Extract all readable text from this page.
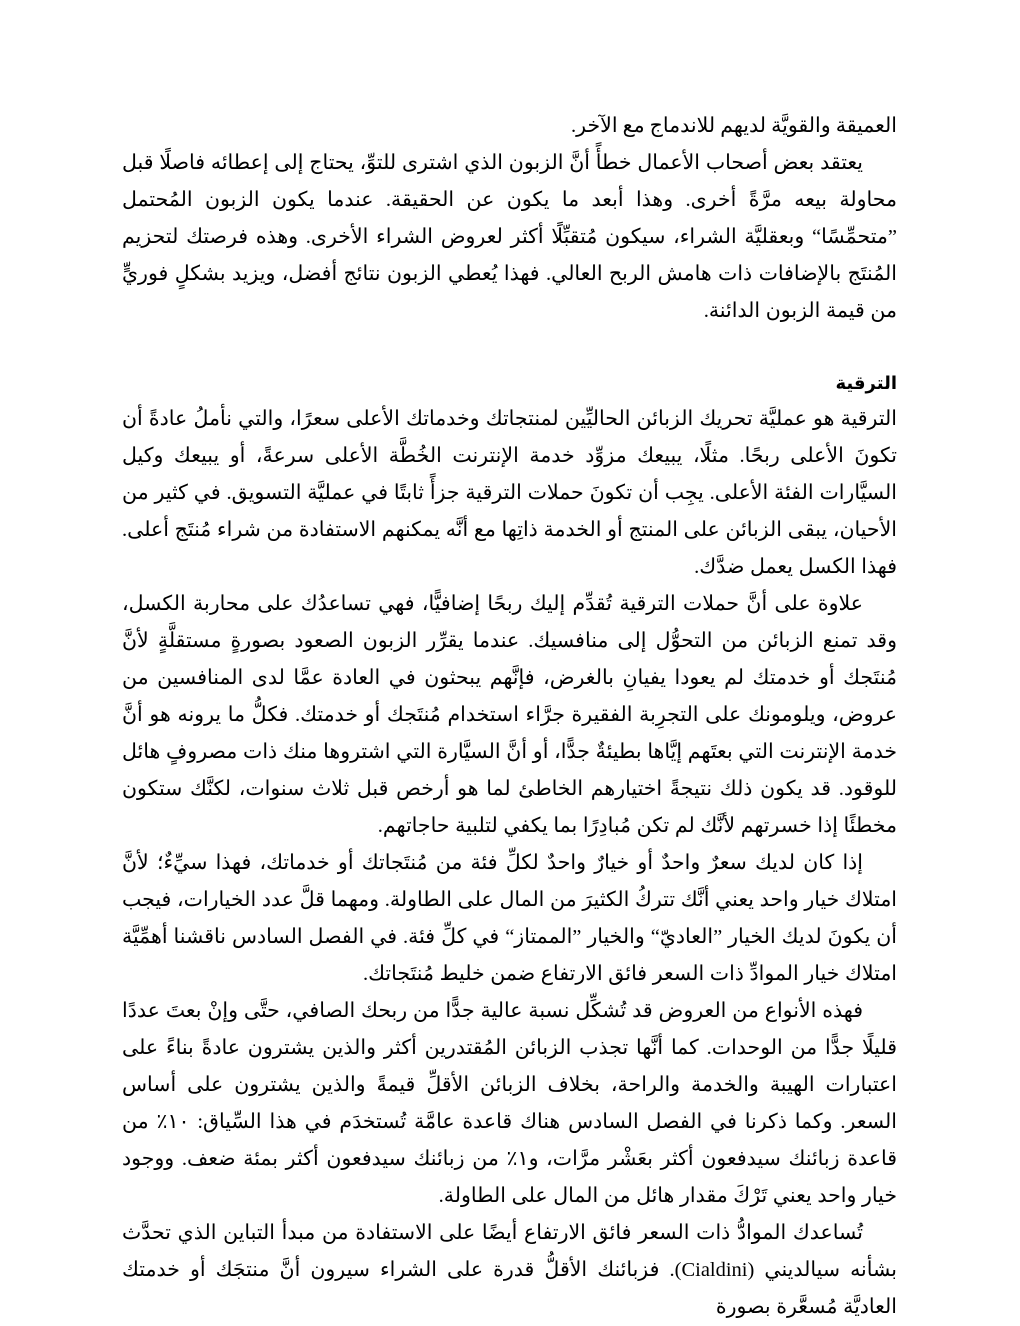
العميقة والقويَّة لديهم للاندماج مع الآخر.

يعتقد بعض أصحاب الأعمال خطأً أنَّ الزبون الذي اشترى للتوِّ، يحتاج إلى إعطائه فاصلًا قبل محاولة بيعه مرَّةً أخرى. وهذا أبعد ما يكون عن الحقيقة. عندما يكون الزبون المُحتمل ”متحمِّسًا“ وبعقليَّة الشراء، سيكون مُتقبِّلًا أكثر لعروض الشراء الأخرى. وهذه فرصتك لتحزيم المُنتَج بالإضافات ذات هامش الربح العالي. فهذا يُعطي الزبون نتائج أفضل، ويزيد بشكلٍ فوريٍّ من قيمة الزبون الدائنة.

الترقية

الترقية هو عمليَّة تحريك الزبائن الحاليِّين لمنتجاتك وخدماتك الأعلى سعرًا، والتي نأملُ عادةً أن تكونَ الأعلى ربحًا. مثلًا، يبيعك مزوِّد خدمة الإنترنت الخُطَّة الأعلى سرعةً، أو يبيعك وكيل السيَّارات الفئة الأعلى. يجِب أن تكونَ حملات الترقية جزأً ثابتًا في عمليَّة التسويق. في كثير من الأحيان، يبقى الزبائن على المنتج أو الخدمة ذاتِها مع أنَّه يمكنهم الاستفادة من شراء مُنتَج أعلى. فهذا الكسل يعمل ضدَّك.

علاوة على أنَّ حملات الترقية تُقدِّم إليك ربحًا إضافيًّا، فهي تساعدُك على محاربة الكسل، وقد تمنع الزبائن من التحوُّل إلى منافسيك. عندما يقرِّر الزبون الصعود بصورةٍ مستقلَّةٍ لأنَّ مُنتَجك أو خدمتك لم يعودا يفيانِ بالغرض، فإنَّهم يبحثون في العادة عمَّا لدى المنافسين من عروض، ويلومونك على التجرِبة الفقيرة جرَّاء استخدام مُنتَجك أو خدمتك. فكلُّ ما يرونه هو أنَّ خدمة الإنترنت التي بعتَهم إيَّاها بطيئةٌ جدًّا، أو أنَّ السيَّارة التي اشتروها منك ذات مصروفٍ هائل للوقود. قد يكون ذلك نتيجةً اختيارهم الخاطئ لما هو أرخص قبل ثلاث سنوات، لكنَّك ستكون مخطئًا إذا خسرتهم لأنَّك لم تكن مُبادِرًا بما يكفي لتلبية حاجاتهم.

إذا كان لديك سعرٌ واحدٌ أو خيارٌ واحدٌ لكلِّ فئة من مُنتَجاتك أو خدماتك، فهذا سيِّءٌ؛ لأنَّ امتلاك خيار واحد يعني أنَّك تتركُ الكثيرَ من المال على الطاولة. ومهما قلَّ عدد الخيارات، فيجب أن يكونَ لديك الخيار ”العاديّ“ والخيار ”الممتاز“ في كلِّ فئة. في الفصل السادس ناقشنا أهمِّيَّة امتلاك خيار الموادِّ ذات السعر فائق الارتفاع ضمن خليط مُنتَجاتك.

فهذه الأنواع من العروض قد تُشكِّل نسبة عالية جدًّا من ربحك الصافي، حتَّى وإنْ بعتَ عددًا قليلًا جدًّا من الوحدات. كما أنَّها تجذب الزبائن المُقتدرين أكثر والذين يشترون عادةً بناءً على اعتبارات الهيبة والخدمة والراحة، بخلاف الزبائن الأقلِّ قيمةً والذين يشترون على أساس السعر. وكما ذكرنا في الفصل السادس هناك قاعدة عامَّة تُستخدَم في هذا السِّياق: ١٠٪ من قاعدة زبائنك سيدفعون أكثر بعَشْر مرَّات، و١٪ من زبائنك سيدفعون أكثر بمئة ضعف. ووجود خيار واحد يعني تَرْكَ مقدار هائل من المال على الطاولة.

تُساعدك الموادُّ ذات السعر فائق الارتفاع أيضًا على الاستفادة من مبدأ التباين الذي تحدَّث بشأنه سيالديني (Cialdini). فزبائنك الأقلُّ قدرة على الشراء سيرون أنَّ منتجَك أو خدمتك العاديَّة مُسعَّرة بصورة
